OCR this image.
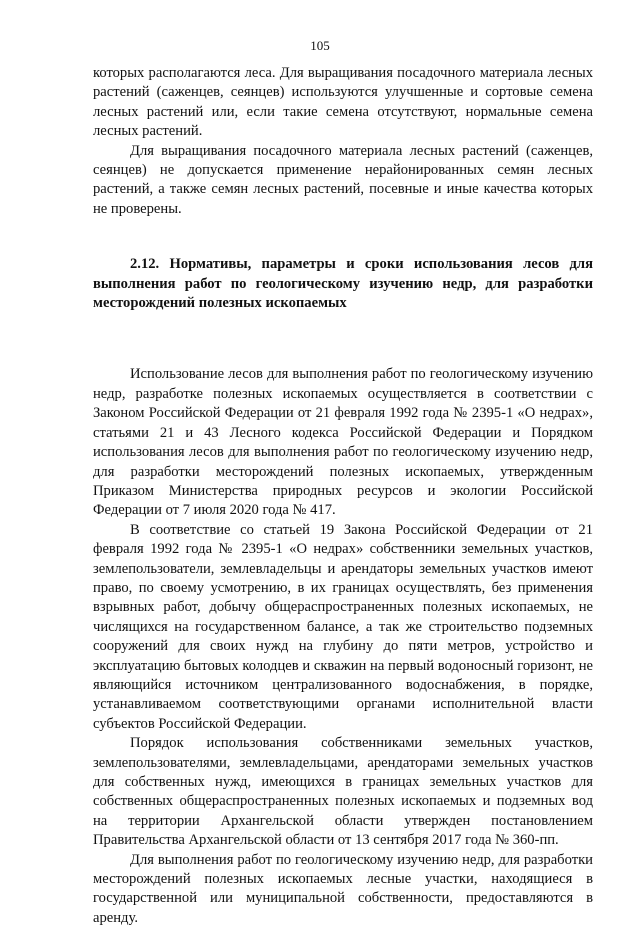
105

которых располагаются леса. Для выращивания посадочного материала лесных растений (саженцев, сеянцев) используются улучшенные и сортовые семена лесных растений или, если такие семена отсутствуют, нормальные семена лесных растений.

Для выращивания посадочного материала лесных растений (саженцев, сеянцев) не допускается применение нерайонированных семян лесных растений, а также семян лесных растений, посевные и иные качества которых не проверены.

2.12. Нормативы, параметры и сроки использования лесов для выполнения работ по геологическому изучению недр, для разработки месторождений полезных ископаемых

Использование лесов для выполнения работ по геологическому изучению недр, разработке полезных ископаемых осуществляется в соответствии с Законом Российской Федерации от 21 февраля 1992 года № 2395-1 «О недрах», статьями 21 и 43 Лесного кодекса Российской Федерации и Порядком использования лесов для выполнения работ по геологическому изучению недр, для разработки месторождений полезных ископаемых, утвержденным Приказом Министерства природных ресурсов и экологии Российской Федерации от 7 июля 2020 года № 417.

В соответствие со статьей 19 Закона Российской Федерации от 21 февраля 1992 года № 2395-1 «О недрах» собственники земельных участков, землепользователи, землевладельцы и арендаторы земельных участков имеют право, по своему усмотрению, в их границах осуществлять, без применения взрывных работ, добычу общераспространенных полезных ископаемых, не числящихся на государственном балансе, а так же строительство подземных сооружений для своих нужд на глубину до пяти метров, устройство и эксплуатацию бытовых колодцев и скважин на первый водоносный горизонт, не являющийся источником централизованного водоснабжения, в порядке, устанавливаемом соответствующими органами исполнительной власти субъектов Российской Федерации.

Порядок использования собственниками земельных участков, землепользователями, землевладельцами, арендаторами земельных участков для собственных нужд, имеющихся в границах земельных участков для собственных общераспространенных полезных ископаемых и подземных вод на территории Архангельской области утвержден постановлением Правительства Архангельской области от 13 сентября 2017 года № 360-пп.

Для выполнения работ по геологическому изучению недр, для разработки месторождений полезных ископаемых лесные участки, находящиеся в государственной или муниципальной собственности, предоставляются в аренду.
